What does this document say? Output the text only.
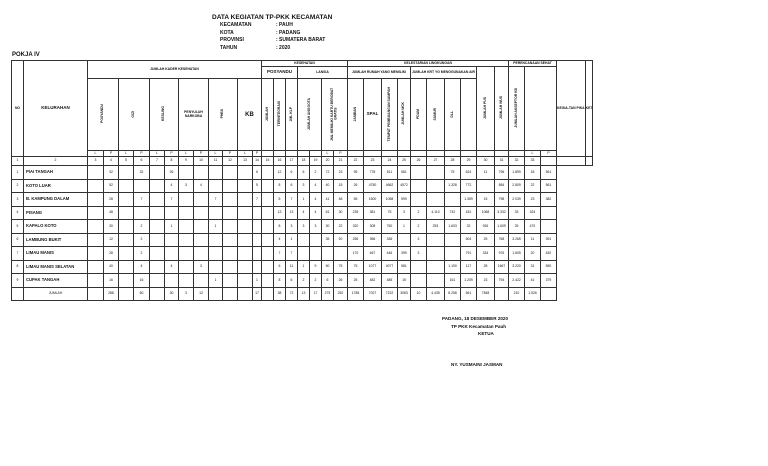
DATA KEGIATAN TP-PKK KECAMATAN
KECAMATAN	: PAUH
KOTA	: PADANG
PROVINSI	: SUMATERA BARAT
TAHUN	: 2020
POKJA IV
NO	KELURAHAN	JUMLAH KADER KESEHATAN												KESEHATAN							KELESTARIAN LINGKUNGAN										PERENCANAAN SEHAT			KEGIA-TAN PIKA	KET
														POSYANDU			LANSIA				JUMLAH RUMAH YANG MEMILIKI				JUMLAH KRT YG MENGGUNAKAN AIR				JUMLAH PUS	JUMLAH WUS	JUMLAH AKSEPTOR KB				
		POSYANDU		GIZI		KESLING		PENYULUH NARKOBA		PHBS		KB		JUMLAH	TERINTEGRASI	JML KLP	JUMLAH ANGGOTA		JML MEMILIKI KARTU BEROBAT GRATIS		JAMBAN	SPAL	TEMPAT PEMBUANGAN SAMPAH	JUMLAH MCK	PDAM	SUMUR	DLL								
		L	P	L	P	L	P	L	P	L	P	L	P						L	P												L	P		
1	2	3	4	5	6	7	8	9	10	11	12	13	14	15	16	17	18	19	20	21	22	23	24	25	26	27	28	29	30	31	32	33			
1	PIAI TANGAH		32		32		26						6		12	6	6	2	72	23	95	778	511	561			75	624	11	796	1.899	18	561		
2	KOTO LUAR		52				4	3	4				5		8	6	3	4	40	15	26	4750	4662	4572			1.328	772		584	2.809	22	561		
3	B. KAMPUNG DALAM		28		7		7			7			7		5	7	1	4	41	48	55	1500	1058	599				1.359	15	798	2.039	23	382		
4	PISANG		48												13	13	4	4	61	30	235	381	75	3	2	4.110	742	181	1068	3.332	33	324			
5	KAPALO KOTO		30		2		1			1					8	3	3	3	30	22	320	308	750	1	2	253	1.603	32	926	1.609	25	470			
6	LAMBUNG BUKIT		12		2										4	1			35	20	256	356	336		3			504	25	768	3.265	11	391		
7	LIMAU MANIS		28		2										7	7					170	467	446	399	3			791	334	976	1.605	20	452		
8	LIMAU MANIS SELATAN		40		4		4		3						6	11	1	9	50	75	75	1077	4077	581			1.190	117	28	1667	3.220	31	550		
9	CUPAK TANGAH		16		16					1			1		8	6	2	2	6	26	25	482	485	15			161	1.209	23	794	2.422	41	379		
	JUMLAH		288		60		30	3	12				17		38	72	13	17	275	252	1785	7027	7222	3083	10	4.435	8.258	561	7848		210	1.526			
PADANG, 18 DESEMBER 2020
TP PKK Kecamatan Pauh
KETUA
NY. YUSMAINI JASMAN
